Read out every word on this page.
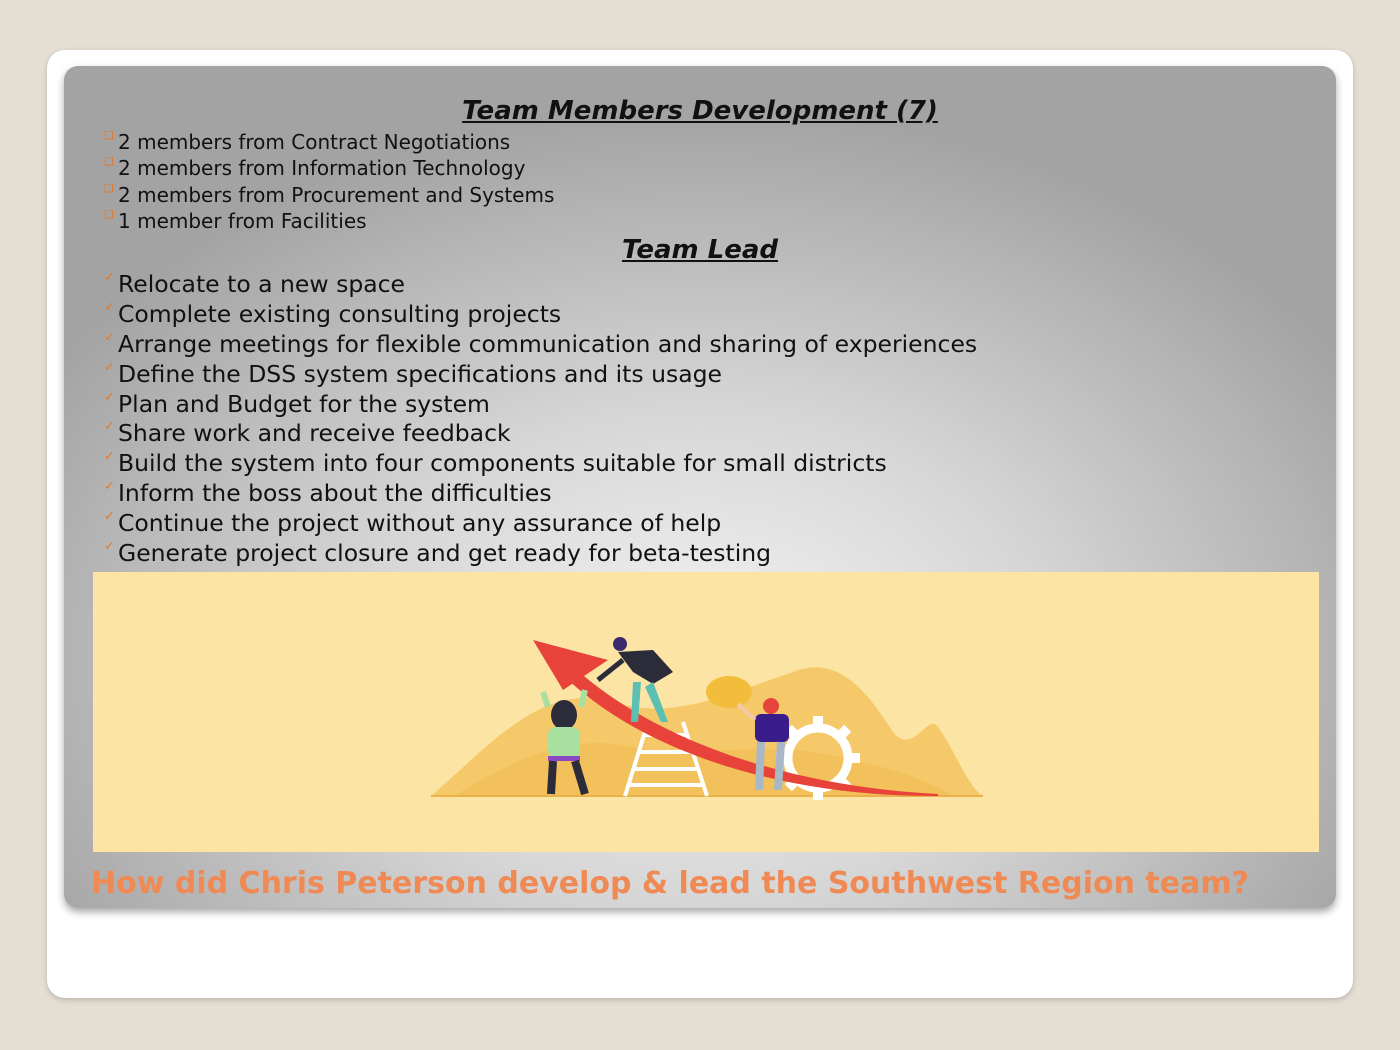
Team Members Development (7)
❑ 2 members from Contract Negotiations
❑ 2 members from Information Technology
❑ 2 members from Procurement and Systems
❑ 1 member from Facilities
Team Lead
✓ Relocate to a new space
✓ Complete existing consulting projects
✓ Arrange meetings for flexible communication and sharing of experiences
✓ Define the DSS system specifications and its usage
✓ Plan and Budget for the system
✓ Share work and receive feedback
✓ Build the system into four components suitable for small districts
✓ Inform the boss about the difficulties
✓ Continue the project without any assurance of help
✓ Generate project closure and get ready for beta-testing

How did Chris Peterson develop & lead the Southwest Region team?
